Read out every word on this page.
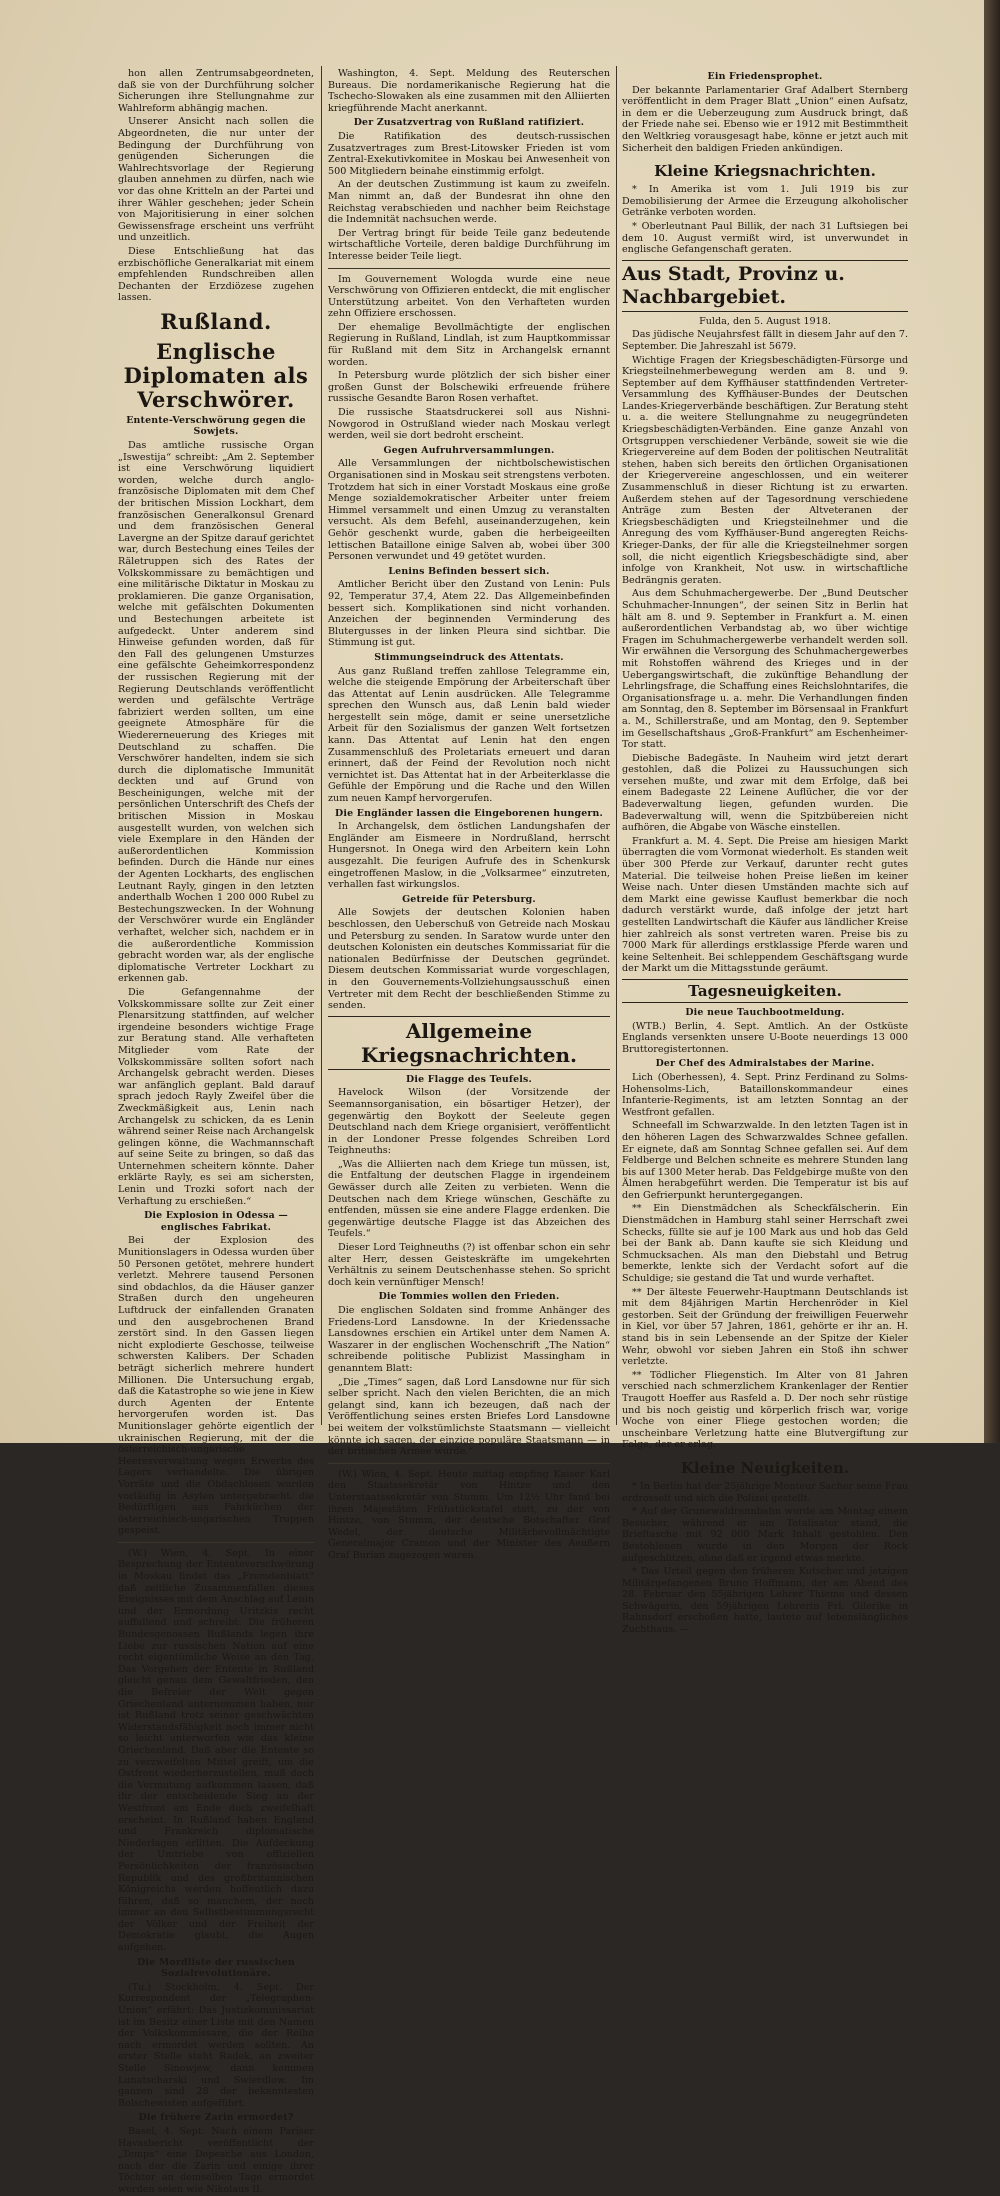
hon allen Zentrumsabgeordneten, daß sie von der Durchführung solcher Sicherungen ihre Stellungnahme zur Wahlreform abhängig machen.

Unserer Ansicht nach sollen die Abgeordneten, die nur unter der Bedingung der Durchführung von genügenden Sicherungen die Wahlrechtsvorlage der Regierung glauben annehmen zu dürfen, nach wie vor das ohne Kritteln an der Partei und ihrer Wähler geschehen; jeder Schein von Majoritisierung in einer solchen Gewissensfrage erscheint uns verfrüht und unzeitlich.

Diese Entschließung hat das erzbischöfliche Generalkariat mit einem empfehlenden Rundschreiben allen Dechanten der Erzdiözese zugehen lassen.

Rußland.
Englische Diplomaten als Verschwörer.
Entente-Verschwörung gegen die Sowjets.

Das amtliche russische Organ „Iswestija“ schreibt: „Am 2. September ist eine Verschwörung liquidiert worden, welche durch anglo-französische Diplomaten mit dem Chef der britischen Mission Lockhart, dem französischen Generalkonsul Grenard und dem französischen General Lavergne an der Spitze darauf gerichtet war, durch Bestechung eines Teiles der Räletruppen sich des Rates der Volkskommissare zu bemächtigen und eine militärische Diktatur in Moskau zu proklamieren. Die ganze Organisation, welche mit gefälschten Dokumenten und Bestechungen arbeitete ist aufgedeckt. Unter anderem sind Hinweise gefunden worden, daß für den Fall des gelungenen Umsturzes eine gefälschte Geheimkorrespondenz der russischen Regierung mit der Regierung Deutschlands veröffentlicht werden und gefälschte Verträge fabriziert werden sollten, um eine geeignete Atmosphäre für die Wiedererneuerung des Krieges mit Deutschland zu schaffen. Die Verschwörer handelten, indem sie sich durch die diplomatische Immunität deckten und auf Grund von Bescheinigungen, welche mit der persönlichen Unterschrift des Chefs der britischen Mission in Moskau ausgestellt wurden, von welchen sich viele Exemplare in den Händen der außerordentlichen Kommission befinden. Durch die Hände nur eines der Agenten Lockharts, des englischen Leutnant Rayly, gingen in den letzten anderthalb Wochen 1 200 000 Rubel zu Bestechungszwecken. In der Wohnung der Verschwörer wurde ein Engländer verhaftet, welcher sich, nachdem er in die außerordentliche Kommission gebracht worden war, als der englische diplomatische Vertreter Lockhart zu erkennen gab.

Die Gefangennahme der Volkskommissare sollte zur Zeit einer Plenarsitzung stattfinden, auf welcher irgendeine besonders wichtige Frage zur Beratung stand. Alle verhafteten Mitglieder vom Rate der Volkskommissäre sollten sofort nach Archangelsk gebracht werden. Dieses war anfänglich geplant. Bald darauf sprach jedoch Rayly Zweifel über die Zweckmäßigkeit aus, Lenin nach Archangelsk zu schicken, da es Lenin während seiner Reise nach Archangelsk gelingen könne, die Wachmannschaft auf seine Seite zu bringen, so daß das Unternehmen scheitern könnte. Daher erklärte Rayly, es sei am sichersten, Lenin und Trozki sofort nach der Verhaftung zu erschießen.“

Die Explosion in Odessa — englisches Fabrikat.

Bei der Explosion des Munitionslagers in Odessa wurden über 50 Personen getötet, mehrere hundert verletzt. Mehrere tausend Personen sind obdachlos, da die Häuser ganzer Straßen durch den ungeheuren Luftdruck der einfallenden Granaten und den ausgebrochenen Brand zerstört sind. In den Gassen liegen nicht explodierte Geschosse, teilweise schwersten Kalibers. Der Schaden beträgt sicherlich mehrere hundert Millionen. Die Untersuchung ergab, daß die Katastrophe so wie jene in Kiew durch Agenten der Entente hervorgerufen worden ist. Das Munitionslager gehörte eigentlich der ukrainischen Regierung, mit der die österreichisch-ungarische Heeresverwaltung wegen Erwerbs des Lagers verhandelte. Die übrigen Vorräte und die Obdachlosen wurden vorläufig in Asylen untergebracht. die Bedürftigen aus Fahrküchen der österreichisch-ungarischen Truppen gespeist.

(W.) Wien, 4. Sept. In einer Besprechung der Ententeverschwörung in Moskau findet das „Fremdenblatt“ daß zeitliche Zusammenfallen dieses Ereignisses mit dem Anschlag auf Lenin und der Ermordung Uritzkis recht auffallend und schreibt: Die früheren Bundesgenossen Rußlands legen ihre Liebe zur russischen Nation auf eine recht eigentümliche Weise an den Tag. Das Vorgehen der Entente in Rußland gleicht genau dem Gewaltfrieden, den die Befreier der Welt gegen Griechenland unternommen haben, nur ist Rußland trotz seiner geschwächten Widerstandsfähigkeit noch immer nicht so leicht unterworfen wie das kleine Griechenland. Daß aber die Entente so zu verzweifelten Mittel greift, um die Ostfront wiederherzustellen, muß doch die Vermutung aufkommen lassen, daß ihr der entscheidende Sieg an der Westfront am Ende doch zweifelhaft erscheint. In Rußland haben England und Frankreich diplomatische Niederlagen erlitten. Die Aufdeckung der Umtriebe von offiziellen Persönlichkeiten der französischen Republik und des großbritannischen Königreichs werden hoffentlich dazu führen, daß so manchem, der noch immer an den Selbstbestimmungsrecht der Völker und der Freiheit der Demokratie glaubt, die Augen aufgehen.

Die Mordliste der russischen Sozialrevolutionäre.

(Tu.) Stockholm, 4. Sept. Der Korrespondent der „Telegraphen-Union“ erfährt: Das Justizkommissariat ist im Besitz einer Liste mit den Namen der Volkskommissare, die der Reihe nach ermordet werden sollten. An erster Stelle steht Radek, an zweiter Stelle Sinowjew, dann kommen Lunatscharski und Swierdlow. Im ganzen sind 28 der bekanntesten Bolschewisten aufgeführt.

Die frühere Zarin ermordet?

Basel, 4. Sept. Nach einem Pariser Havasbericht veröffentlicht der „Temps“ eine Depesche aus London, nach der die Zarin und einige ihrer Töchter an demselben Tage ermordet worden seien wie Nikolaus II.

Washington, 4. Sept. Meldung des Reuterschen Bureaus. Die nordamerikanische Regierung hat die Tschecho-Slowaken als eine zusammen mit den Alliierten kriegführende Macht anerkannt.

Der Zusatzvertrag von Rußland ratifiziert.

Die Ratifikation des deutsch-russischen Zusatzvertrages zum Brest-Litowsker Frieden ist vom Zentral-Exekutivkomitee in Moskau bei Anwesenheit von 500 Mitgliedern beinahe einstimmig erfolgt.

An der deutschen Zustimmung ist kaum zu zweifeln. Man nimmt an, daß der Bundesrat ihn ohne den Reichstag verabschieden und nachher beim Reichstage die Indemnität nachsuchen werde.

Der Vertrag bringt für beide Teile ganz bedeutende wirtschaftliche Vorteile, deren baldige Durchführung im Interesse beider Teile liegt.

Im Gouvernement Wologda wurde eine neue Verschwörung von Offizieren entdeckt, die mit englischer Unterstützung arbeitet. Von den Verhafteten wurden zehn Offiziere erschossen.

Der ehemalige Bevollmächtigte der englischen Regierung in Rußland, Lindlah, ist zum Hauptkommissar für Rußland mit dem Sitz in Archangelsk ernannt worden.

In Petersburg wurde plötzlich der sich bisher einer großen Gunst der Bolschewiki erfreuende frühere russische Gesandte Baron Rosen verhaftet.

Die russische Staatsdruckerei soll aus Nishni-Nowgorod in Ostrußland wieder nach Moskau verlegt werden, weil sie dort bedroht erscheint.

Gegen Aufruhrversammlungen.

Alle Versammlungen der nichtbolschewistischen Organisationen sind in Moskau seit strengstens verboten. Trotzdem hat sich in einer Vorstadt Moskaus eine große Menge sozialdemokratischer Arbeiter unter freiem Himmel versammelt und einen Umzug zu veranstalten versucht. Als dem Befehl, auseinanderzugehen, kein Gehör geschenkt wurde, gaben die herbeigeeilten lettischen Bataillone einige Salven ab, wobei über 300 Personen verwundet und 49 getötet wurden.

Lenins Befinden bessert sich.

Amtlicher Bericht über den Zustand von Lenin: Puls 92, Temperatur 37,4, Atem 22. Das Allgemeinbefinden bessert sich. Komplikationen sind nicht vorhanden. Anzeichen der beginnenden Verminderung des Blutergusses in der linken Pleura sind sichtbar. Die Stimmung ist gut.

Stimmungseindruck des Attentats.

Aus ganz Rußland treffen zahllose Telegramme ein, welche die steigende Empörung der Arbeiterschaft über das Attentat auf Lenin ausdrücken. Alle Telegramme sprechen den Wunsch aus, daß Lenin bald wieder hergestellt sein möge, damit er seine unersetzliche Arbeit für den Sozialismus der ganzen Welt fortsetzen kann. Das Attentat auf Lenin hat den engen Zusammenschluß des Proletariats erneuert und daran erinnert, daß der Feind der Revolution noch nicht vernichtet ist. Das Attentat hat in der Arbeiterklasse die Gefühle der Empörung und die Rache und den Willen zum neuen Kampf hervorgerufen.

Die Engländer lassen die Eingeborenen hungern.

In Archangelsk, dem östlichen Landungshafen der Engländer am Eismeere in Nordrußland, herrscht Hungersnot. In Onega wird den Arbeitern kein Lohn ausgezahlt. Die feurigen Aufrufe des in Schenkursk eingetroffenen Maslow, in die „Volksarmee“ einzutreten, verhallen fast wirkungslos.

Getreide für Petersburg.

Alle Sowjets der deutschen Kolonien haben beschlossen, den Ueberschuß von Getreide nach Moskau und Petersburg zu senden. In Saratow wurde unter den deutschen Kolonisten ein deutsches Kommissariat für die nationalen Bedürfnisse der Deutschen gegründet. Diesem deutschen Kommissariat wurde vorgeschlagen, in den Gouvernements-Vollziehungsausschuß einen Vertreter mit dem Recht der beschließenden Stimme zu senden.

Allgemeine Kriegsnachrichten.
Die Flagge des Teufels.

Havelock Wilson (der Vorsitzende der Seemannsorganisation, ein bösartiger Hetzer), der gegenwärtig den Boykott der Seeleute gegen Deutschland nach dem Kriege organisiert, veröffentlicht in der Londoner Presse folgendes Schreiben Lord Teighneuths:

„Was die Alliierten nach dem Kriege tun müssen, ist, die Entfaltung der deutschen Flagge in irgendeinem Gewässer durch alle Zeiten zu verbieten. Wenn die Deutschen nach dem Kriege wünschen, Geschäfte zu entfenden, müssen sie eine andere Flagge erdenken. Die gegenwärtige deutsche Flagge ist das Abzeichen des Teufels.“

Dieser Lord Teighneuths (?) ist offenbar schon ein sehr alter Herr, dessen Geisteskräfte im umgekehrten Verhältnis zu seinem Deutschenhasse stehen. So spricht doch kein vernünftiger Mensch!

Die Tommies wollen den Frieden.

Die englischen Soldaten sind fromme Anhänger des Friedens-Lord Lansdowne. In der Kriedenssache Lansdownes erschien ein Artikel unter dem Namen A. Waszarer in der englischen Wochenschrift „The Nation“ schreibende politische Publizist Massingham in genanntem Blatt:

„Die „Times“ sagen, daß Lord Lansdowne nur für sich selber spricht. Nach den vielen Berichten, die an mich gelangt sind, kann ich bezeugen, daß nach der Veröffentlichung seines ersten Briefes Lord Lansdowne bei weitem der volkstümlichste Staatsmann — vielleicht könnte ich sagen, der einzige populäre Staatsmann — in der britischen Armee wurde.“

(W.) Wien, 4. Sept. Heute mittag empfing Kaiser Karl den Staatssekretär von Hintze und den Unterstaatssekretär von Stumm. Um 12½ Uhr fand bei ihren Majestäten Frühstückstafel statt, zu der von Hintze, von Stumm, der deutsche Botschafter Graf Wedel, der deutsche Militärbevollmächtigte Generalmajor Cramon und der Minister des Aeußern Graf Burian zugezogen waren.

Ein Friedensprophet.

Der bekannte Parlamentarier Graf Adalbert Sternberg veröffentlicht in dem Prager Blatt „Union“ einen Aufsatz, in dem er die Ueberzeugung zum Ausdruck bringt, daß der Friede nahe sei. Ebenso wie er 1912 mit Bestimmtheit den Weltkrieg vorausgesagt habe, könne er jetzt auch mit Sicherheit den baldigen Frieden ankündigen.

Kleine Kriegsnachrichten.

* In Amerika ist vom 1. Juli 1919 bis zur Demobilisierung der Armee die Erzeugung alkoholischer Getränke verboten worden.

* Oberleutnant Paul Billik, der nach 31 Luftsiegen bei dem 10. August vermißt wird, ist unverwundet in englische Gefangenschaft geraten.

Aus Stadt, Provinz u. Nachbargebiet.

Fulda, den 5. August 1918.

Das jüdische Neujahrsfest fällt in diesem Jahr auf den 7. September. Die Jahreszahl ist 5679.

Wichtige Fragen der Kriegsbeschädigten-Fürsorge und Kriegsteilnehmerbewegung werden am 8. und 9. September auf dem Kyffhäuser stattfindenden Vertreter-Versammlung des Kyffhäuser-Bundes der Deutschen Landes-Kriegerverbände beschäftigen. Zur Beratung steht u. a. die weitere Stellungnahme zu neugegründeten Kriegsbeschädigten-Verbänden. Eine ganze Anzahl von Ortsgruppen verschiedener Verbände, soweit sie wie die Kriegervereine auf dem Boden der politischen Neutralität stehen, haben sich bereits den örtlichen Organisationen der Kriegervereine angeschlossen, und ein weiterer Zusammenschluß in dieser Richtung ist zu erwarten. Außerdem stehen auf der Tagesordnung verschiedene Anträge zum Besten der Altveteranen der Kriegsbeschädigten und Kriegsteilnehmer und die Anregung des vom Kyffhäuser-Bund angeregten Reichs-Krieger-Danks, der für alle die Kriegsteilnehmer sorgen soll, die nicht eigentlich Kriegsbeschädigte sind, aber infolge von Krankheit, Not usw. in wirtschaftliche Bedrängnis geraten.

Aus dem Schuhmachergewerbe. Der „Bund Deutscher Schuhmacher-Innungen“, der seinen Sitz in Berlin hat hält am 8. und 9. September in Frankfurt a. M. einen außerordentlichen Verbandstag ab, wo über wichtige Fragen im Schuhmachergewerbe verhandelt werden soll. Wir erwähnen die Versorgung des Schuhmachergewerbes mit Rohstoffen während des Krieges und in der Uebergangswirtschaft, die zukünftige Behandlung der Lehrlingsfrage, die Schaffung eines Reichslohntarifes, die Organisationsfrage u. a. mehr. Die Verhandlungen finden am Sonntag, den 8. September im Börsensaal in Frankfurt a. M., Schillerstraße, und am Montag, den 9. September im Gesellschaftshaus „Groß-Frankfurt“ am Eschenheimer-Tor statt.

Diebische Badegäste. In Nauheim wird jetzt derart gestohlen, daß die Polizei zu Haussuchungen sich versehen mußte, und zwar mit dem Erfolge, daß bei einem Badegaste 22 Leinene Auflücher, die vor der Badeverwaltung liegen, gefunden wurden. Die Badeverwaltung will, wenn die Spitzbübereien nicht aufhören, die Abgabe von Wäsche einstellen.

Frankfurt a. M. 4. Sept. Die Preise am hiesigen Markt überragten die vom Vormonat wiederholt. Es standen weit über 300 Pferde zur Verkauf, darunter recht gutes Material. Die teilweise hohen Preise ließen im keiner Weise nach. Unter diesen Umständen machte sich auf dem Markt eine gewisse Kauflust bemerkbar die noch dadurch verstärkt wurde, daß infolge der jetzt hart gestellten Landwirtschaft die Käufer aus ländlicher Kreise hier zahlreich als sonst vertreten waren. Preise bis zu 7000 Mark für allerdings erstklassige Pferde waren und keine Seltenheit. Bei schleppendem Geschäftsgang wurde der Markt um die Mittagsstunde geräumt.

Tagesneuigkeiten.
Die neue Tauchbootmeldung.

(WTB.) Berlin, 4. Sept. Amtlich. An der Ostküste Englands versenkten unsere U-Boote neuerdings 13 000 Bruttoregistertonnen.

Der Chef des Admiralstabes der Marine.

Lich (Oberhessen), 4. Sept. Prinz Ferdinand zu Solms-Hohensolms-Lich, Bataillonskommandeur eines Infanterie-Regiments, ist am letzten Sonntag an der Westfront gefallen.

Schneefall im Schwarzwalde. In den letzten Tagen ist in den höheren Lagen des Schwarzwaldes Schnee gefallen. Er eignete, daß am Sonntag Schnee gefallen sei. Auf dem Feldberge und Belchen schneite es mehrere Stunden lang bis auf 1300 Meter herab. Das Feldgebirge mußte von den Älmen herabgeführt werden. Die Temperatur ist bis auf den Gefrierpunkt heruntergegangen.

** Ein Dienstmädchen als Scheckfälscherin. Ein Dienstmädchen in Hamburg stahl seiner Herrschaft zwei Schecks, füllte sie auf je 100 Mark aus und hob das Geld bei der Bank ab. Dann kaufte sie sich Kleidung und Schmucksachen. Als man den Diebstahl und Betrug bemerkte, lenkte sich der Verdacht sofort auf die Schuldige; sie gestand die Tat und wurde verhaftet.

** Der älteste Feuerwehr-Hauptmann Deutschlands ist mit dem 84jährigen Martin Herchenröder in Kiel gestorben. Seit der Gründung der freiwilligen Feuerwehr in Kiel, vor über 57 Jahren, 1861, gehörte er ihr an. H. stand bis in sein Lebensende an der Spitze der Kieler Wehr, obwohl vor sieben Jahren ein Stoß ihn schwer verletzte.

** Tödlicher Fliegenstich. Im Alter von 81 Jahren verschied nach schmerzlichem Krankenlager der Rentier Traugott Hoeffer aus Rasfeld a. D. Der noch sehr rüstige und bis noch geistig und körperlich frisch war, vorige Woche von einer Fliege gestochen worden; die unscheinbare Verletzung hatte eine Blutvergiftung zur Folge, der er erlag.

Kleine Neuigkeiten.

* In Berlin hat der 25jährige Monteur Sacher seine Frau erdrosselt und sich die Polizei gestellt.

* Auf der Grunewaldrennbahn wurde am Montag einem Besucher, während er am Totalisator stand, die Brieftasche mit 92 000 Mark Inhalt gestohlen. Den Bestohlenen wurde in den Morgen der Rock aufgeschlitzen, ohne daß er irgend etwas merkte.

* Das Urteil gegen den früheren Kutscher und jetzigen Militärgefangenen Bruno Hoffmann, der am Abend des 28. Februar den 55jährigen Lehrer Thieme und dessen Schwägerin, den 59jährigen Lehrerin Frl. Gilerike in Rahnsdorf erschoßen hatte, lautete auf lebenslängliches Zuchthaus. —
